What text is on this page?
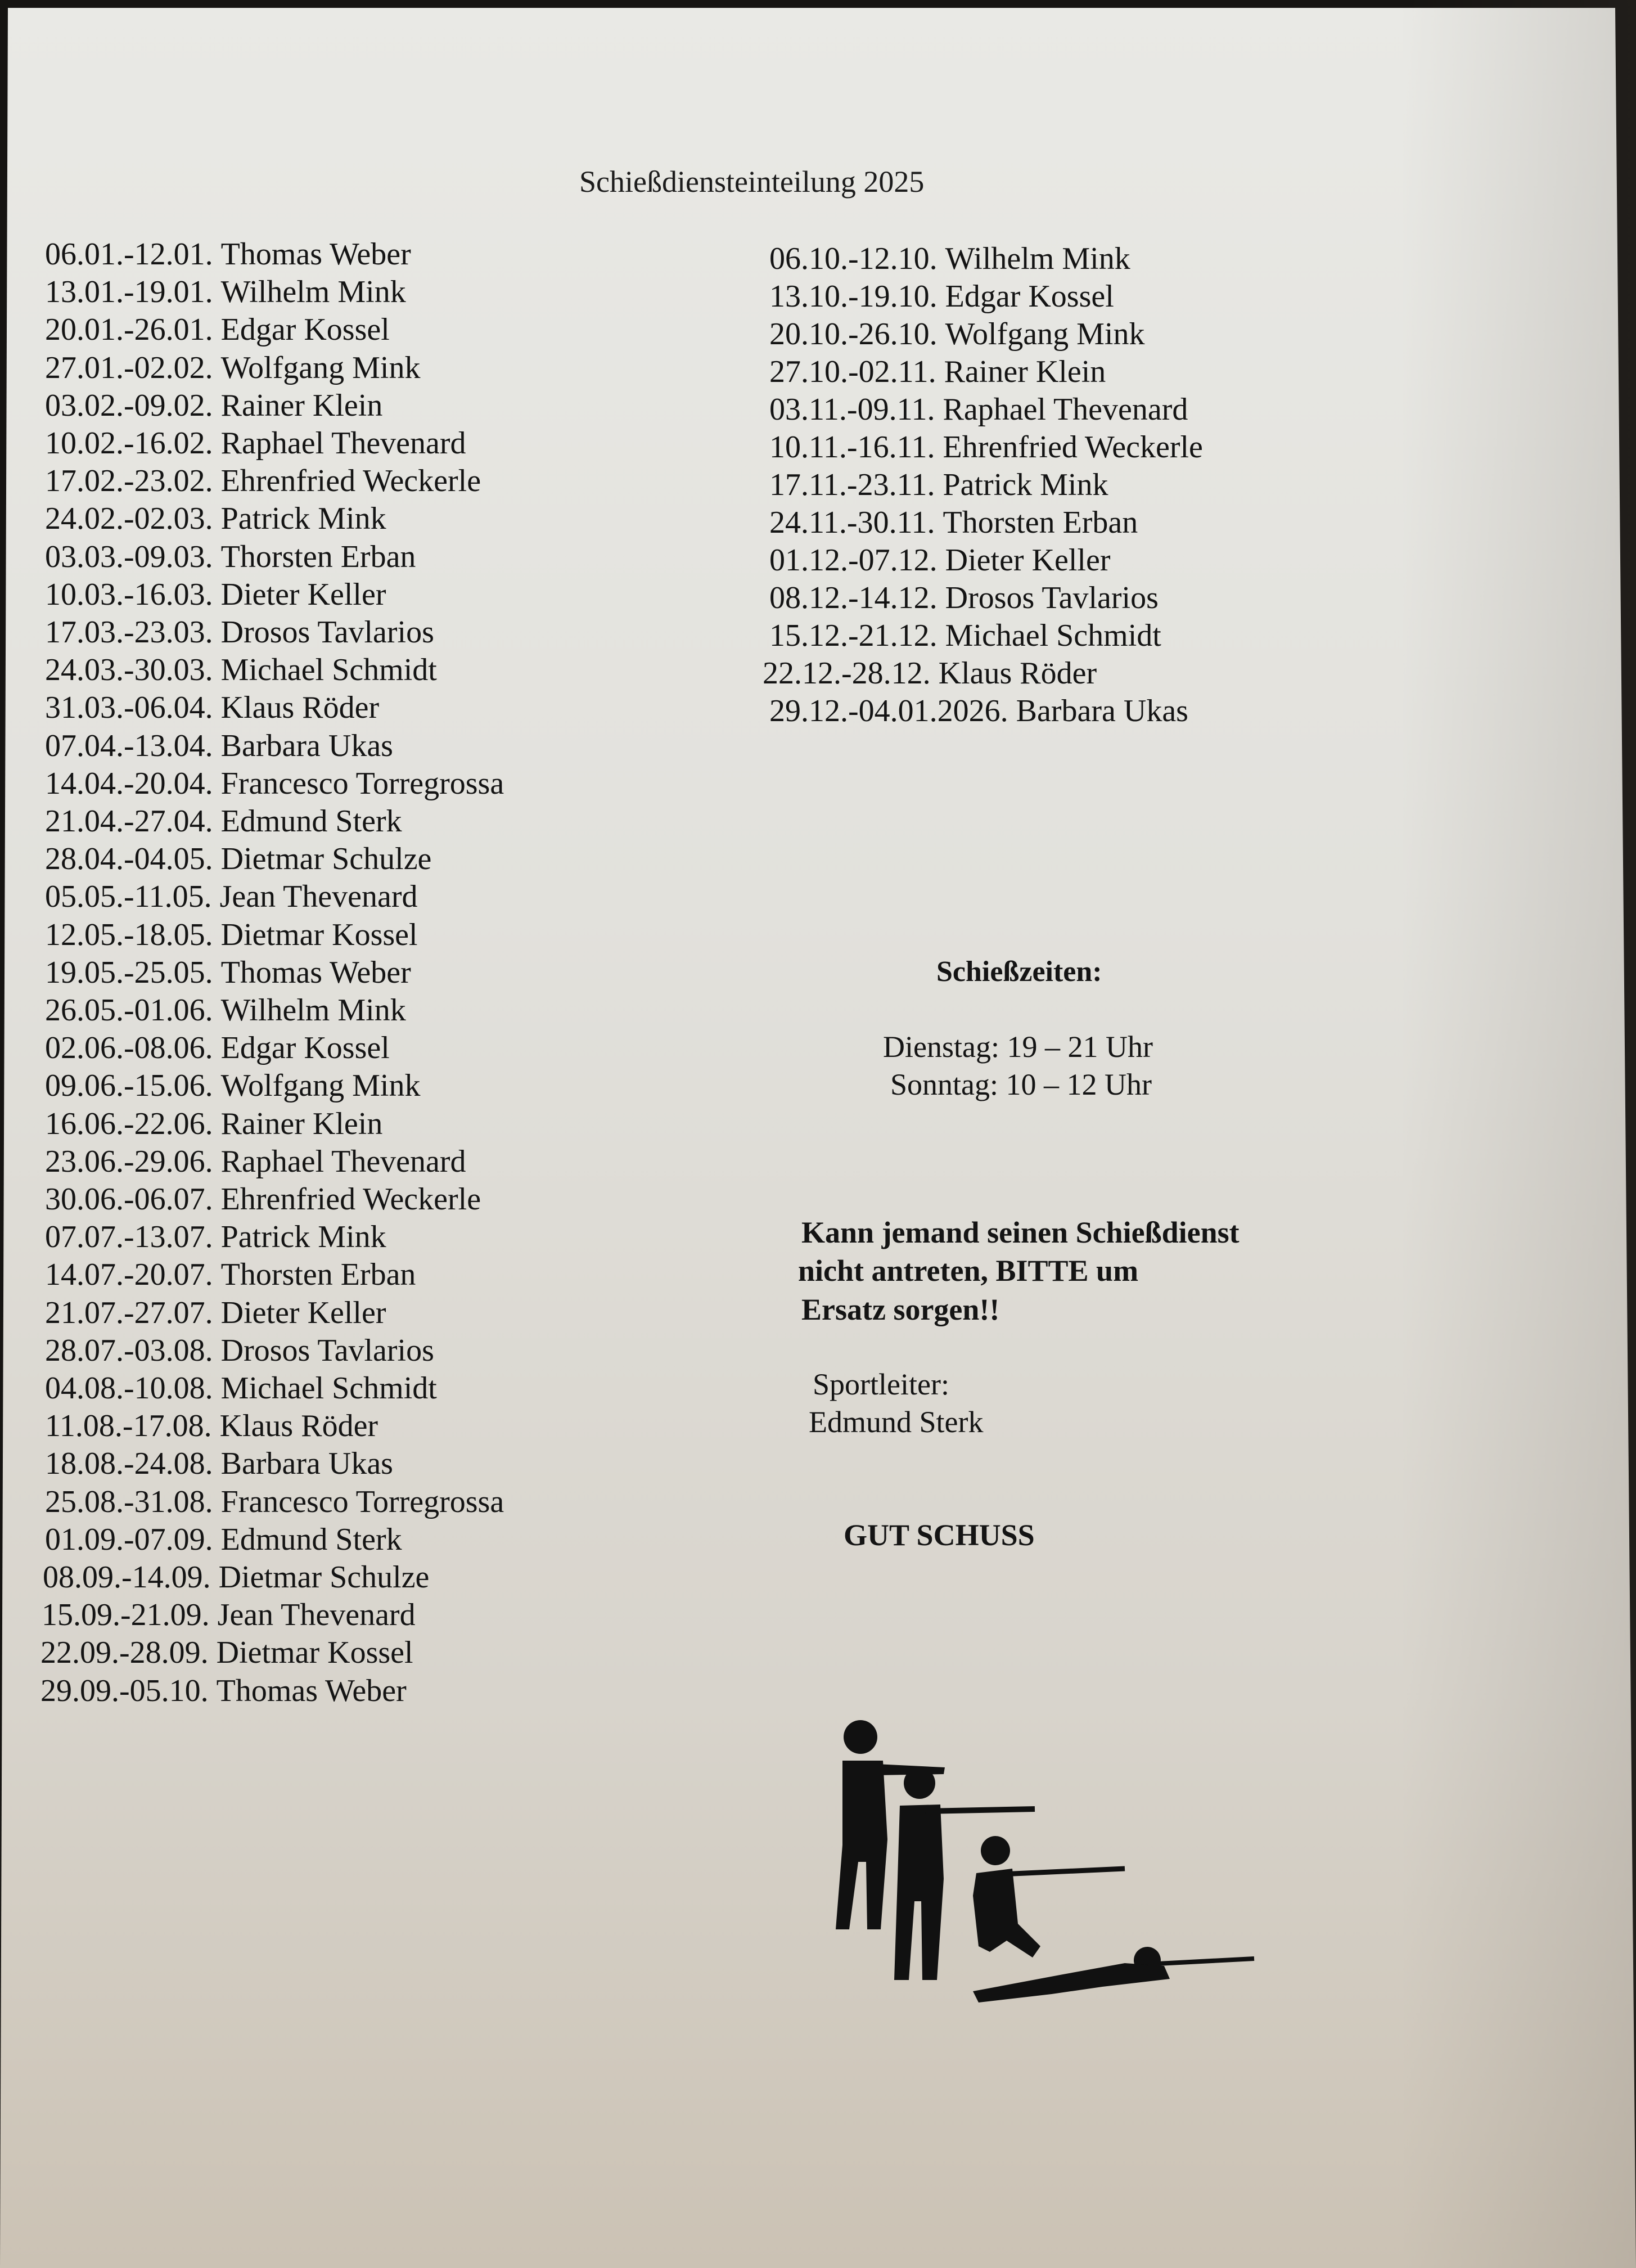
Schießdiensteinteilung 2025
06.01.-12.01. Thomas Weber
13.01.-19.01. Wilhelm Mink
20.01.-26.01. Edgar Kossel
27.01.-02.02. Wolfgang Mink
03.02.-09.02. Rainer Klein
10.02.-16.02. Raphael Thevenard
17.02.-23.02. Ehrenfried Weckerle
24.02.-02.03. Patrick Mink
03.03.-09.03. Thorsten Erban
10.03.-16.03. Dieter Keller
17.03.-23.03. Drosos Tavlarios
24.03.-30.03. Michael Schmidt
31.03.-06.04. Klaus Röder
07.04.-13.04. Barbara Ukas
14.04.-20.04. Francesco Torregrossa
21.04.-27.04. Edmund Sterk
28.04.-04.05. Dietmar Schulze
05.05.-11.05. Jean Thevenard
12.05.-18.05. Dietmar Kossel
19.05.-25.05. Thomas Weber
26.05.-01.06. Wilhelm Mink
02.06.-08.06. Edgar Kossel
09.06.-15.06. Wolfgang Mink
16.06.-22.06. Rainer Klein
23.06.-29.06. Raphael Thevenard
30.06.-06.07. Ehrenfried Weckerle
07.07.-13.07. Patrick Mink
14.07.-20.07. Thorsten Erban
21.07.-27.07. Dieter Keller
28.07.-03.08. Drosos Tavlarios
04.08.-10.08. Michael Schmidt
11.08.-17.08. Klaus Röder
18.08.-24.08. Barbara Ukas
25.08.-31.08. Francesco Torregrossa
01.09.-07.09. Edmund Sterk
08.09.-14.09. Dietmar Schulze
15.09.-21.09. Jean Thevenard
22.09.-28.09. Dietmar Kossel
29.09.-05.10. Thomas Weber
06.10.-12.10. Wilhelm Mink
13.10.-19.10. Edgar Kossel
20.10.-26.10. Wolfgang Mink
27.10.-02.11. Rainer Klein
03.11.-09.11. Raphael Thevenard
10.11.-16.11. Ehrenfried Weckerle
17.11.-23.11. Patrick Mink
24.11.-30.11. Thorsten Erban
01.12.-07.12. Dieter Keller
08.12.-14.12. Drosos Tavlarios
15.12.-21.12. Michael Schmidt
22.12.-28.12. Klaus Röder
29.12.-04.01.2026. Barbara Ukas
Schießzeiten:
Dienstag: 19 – 21 Uhr
Sonntag: 10 – 12 Uhr
Kann jemand seinen Schießdienst
nicht antreten, BITTE um
Ersatz sorgen!!
Sportleiter:
Edmund Sterk
GUT SCHUSS
